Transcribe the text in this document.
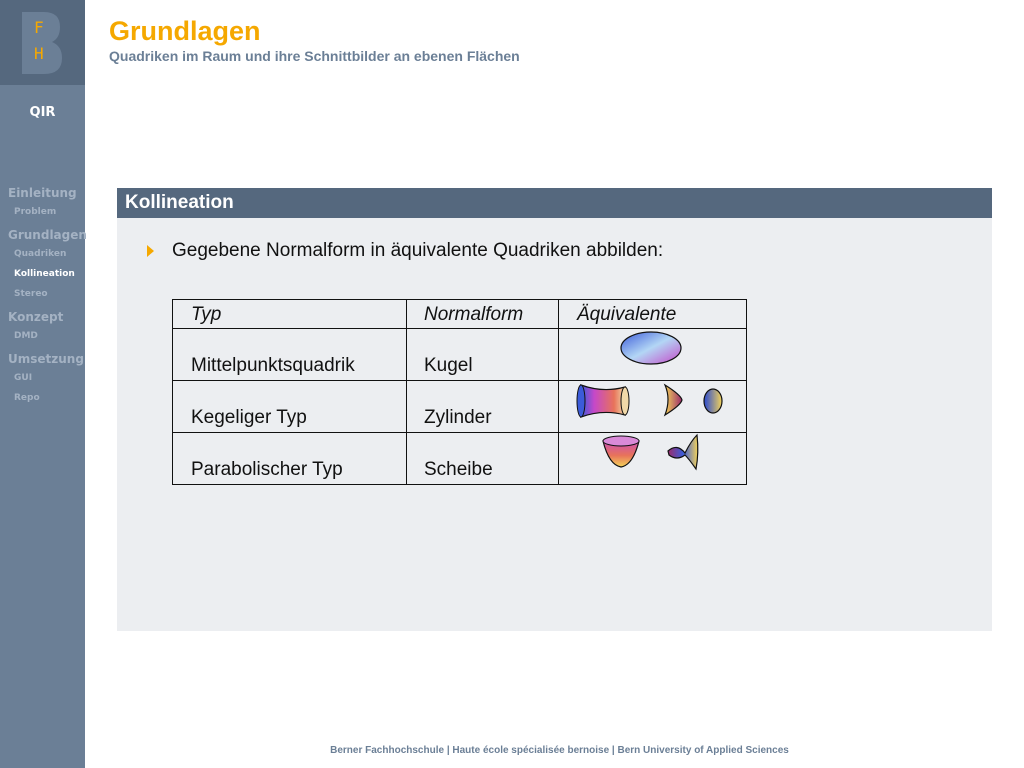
F
H
QIR
Einleitung
Problem
Grundlagen
Quadriken
Kollineation
Stereo
Konzept
DMD
Umsetzung
GUI
Repo
Grundlagen
Quadriken im Raum und ihre Schnittbilder an ebenen Flächen
Kollineation
Gegebene Normalform in äquivalente Quadriken abbilden:
Typ	Normalform	Äquivalente
Mittelpunktsquadrik	Kugel	

Kegeliger Typ	Zylinder	

Parabolischer Typ	Scheibe	
Berner Fachhochschule | Haute école spécialisée bernoise | Bern University of Applied Sciences
